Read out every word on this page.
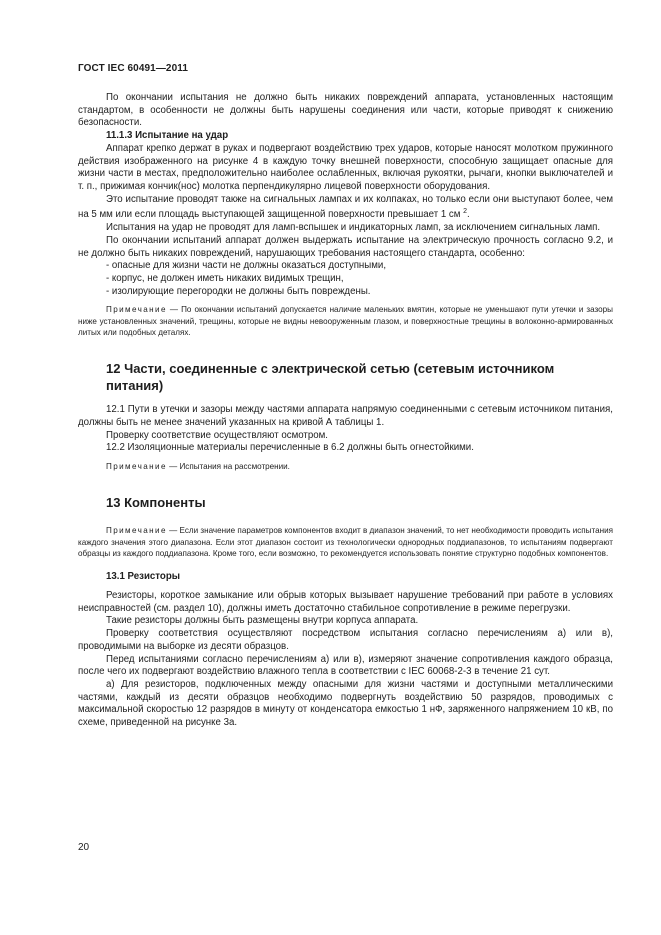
ГОСТ IEC 60491—2011

По окончании испытания не должно быть никаких повреждений аппарата, установленных настоящим стандартом, в особенности не должны быть нарушены соединения или части, которые приводят к снижению безопасности.

11.1.3 Испытание на удар

Аппарат крепко держат в руках и подвергают воздействию трех ударов, которые наносят молотком пружинного действия изображенного на рисунке 4 в каждую точку внешней поверхности, способную защищает опасные для жизни части в местах, предположительно наиболее ослабленных, включая рукоятки, рычаги, кнопки выключателей и т. п., прижимая кончик(нос) молотка перпендикулярно лицевой поверхности оборудования.

Это испытание проводят также на сигнальных лампах и их колпаках, но только если они выступают более, чем на 5 мм или если площадь выступающей защищенной поверхности превышает 1 см $^2$.

Испытания на удар не проводят для ламп-вспышек и индикаторных ламп, за исключением сигнальных ламп.

По окончании испытаний аппарат должен выдержать испытание на электрическую прочность согласно 9.2, и не должно быть никаких повреждений, нарушающих требования настоящего стандарта, особенно:

- опасные для жизни части не должны оказаться доступными,

- корпус, не должен иметь никаких видимых трещин,

- изолирующие перегородки не должны быть повреждены.

Примечание — По окончании испытаний допускается наличие маленьких вмятин, которые не уменьшают пути утечки и зазоры ниже установленных значений, трещины, которые не видны невооруженным глазом, и поверхностные трещины в волоконно-армированных литых или подобных деталях.

12 Части, соединенные с электрической сетью (сетевым источником питания)

12.1 Пути в утечки и зазоры между частями аппарата напрямую соединенными с сетевым источником питания, должны быть не менее значений указанных на кривой А таблицы 1.

Проверку соответствие осуществляют осмотром.

12.2 Изоляционные материалы перечисленные в 6.2 должны быть огнестойкими.

Примечание — Испытания на рассмотрении.

13 Компоненты

Примечание — Если значение параметров компонентов входит в диапазон значений, то нет необходимости проводить испытания каждого значения этого диапазона. Если этот диапазон состоит из технологически однородных поддиапазонов, то испытаниям подвергают образцы из каждого поддиапазона. Кроме того, если возможно, то рекомендуется использовать понятие структурно подобных компонентов.

13.1 Резисторы

Резисторы, короткое замыкание или обрыв которых вызывает нарушение требований при работе в условиях неисправностей (см. раздел 10), должны иметь достаточно стабильное сопротивление в режиме перегрузки.

Такие резисторы должны быть размещены внутри корпуса аппарата.

Проверку соответствия осуществляют посредством испытания согласно перечислениям а) или в), проводимыми на выборке из десяти образцов.

Перед испытаниями согласно перечислениям а) или в), измеряют значение сопротивления каждого образца, после чего их подвергают воздействию влажного тепла в соответствии с IEC 60068-2-3 в течение 21 сут.

а) Для резисторов, подключенных между опасными для жизни частями и доступными металлическими частями, каждый из десяти образцов необходимо подвергнуть воздействию 50 разрядов, проводимых с максимальной скоростью 12 разрядов в минуту от конденсатора емкостью 1 нФ, заряженного напряжением 10 кВ, по схеме, приведенной на рисунке 3а.

20
